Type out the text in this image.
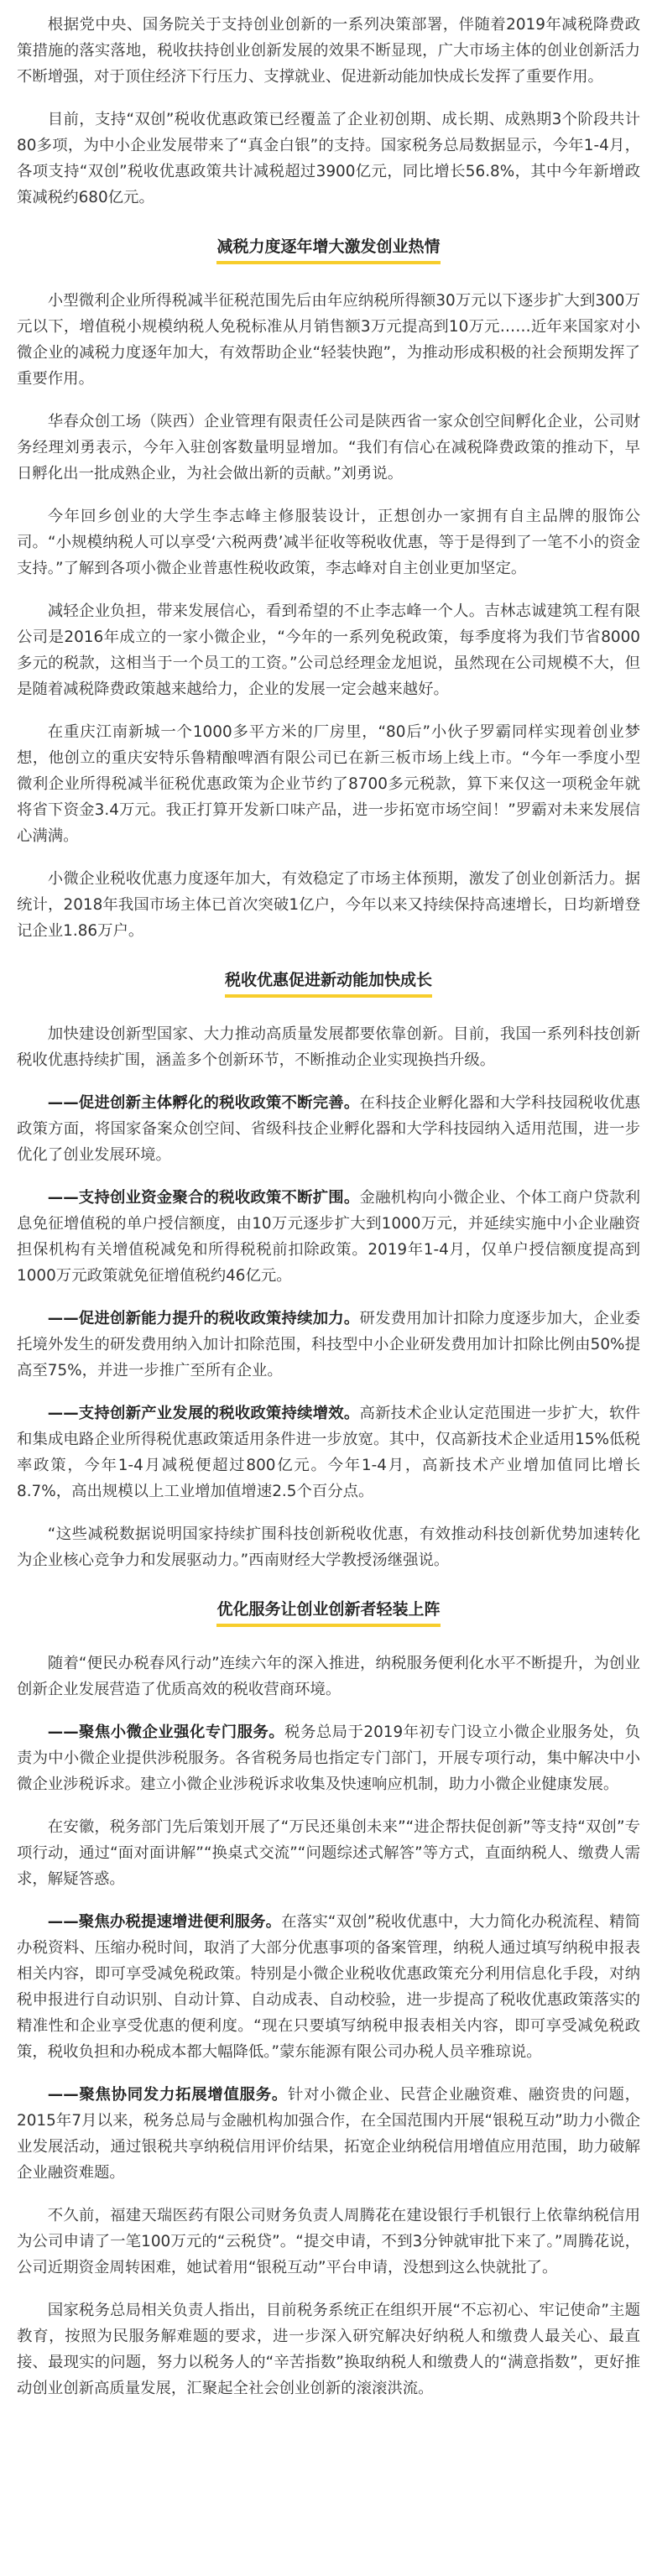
根据党中央、国务院关于支持创业创新的一系列决策部署，伴随着2019年减税降费政策措施的落实落地，税收扶持创业创新发展的效果不断显现，广大市场主体的创业创新活力不断增强，对于顶住经济下行压力、支撑就业、促进新动能加快成长发挥了重要作用。

目前，支持“双创”税收优惠政策已经覆盖了企业初创期、成长期、成熟期3个阶段共计80多项，为中小企业发展带来了“真金白银”的支持。国家税务总局数据显示，今年1-4月，各项支持“双创”税收优惠政策共计减税超过3900亿元，同比增长56.8%，其中今年新增政策减税约680亿元。

减税力度逐年增大激发创业热情

小型微利企业所得税减半征税范围先后由年应纳税所得额30万元以下逐步扩大到300万元以下，增值税小规模纳税人免税标准从月销售额3万元提高到10万元……近年来国家对小微企业的减税力度逐年加大，有效帮助企业“轻装快跑”，为推动形成积极的社会预期发挥了重要作用。

华春众创工场（陕西）企业管理有限责任公司是陕西省一家众创空间孵化企业，公司财务经理刘勇表示，今年入驻创客数量明显增加。“我们有信心在减税降费政策的推动下，早日孵化出一批成熟企业，为社会做出新的贡献。”刘勇说。

今年回乡创业的大学生李志峰主修服装设计，正想创办一家拥有自主品牌的服饰公司。“小规模纳税人可以享受‘六税两费’减半征收等税收优惠，等于是得到了一笔不小的资金支持。”了解到各项小微企业普惠性税收政策，李志峰对自主创业更加坚定。

减轻企业负担，带来发展信心，看到希望的不止李志峰一个人。吉林志诚建筑工程有限公司是2016年成立的一家小微企业，“今年的一系列免税政策，每季度将为我们节省8000多元的税款，这相当于一个员工的工资。”公司总经理金龙旭说，虽然现在公司规模不大，但是随着减税降费政策越来越给力，企业的发展一定会越来越好。

在重庆江南新城一个1000多平方米的厂房里，“80后”小伙子罗霸同样实现着创业梦想，他创立的重庆安特乐鲁精酿啤酒有限公司已在新三板市场上线上市。“今年一季度小型微利企业所得税减半征税优惠政策为企业节约了8700多元税款，算下来仅这一项税金年就将省下资金3.4万元。我正打算开发新口味产品，进一步拓宽市场空间！”罗霸对未来发展信心满满。

小微企业税收优惠力度逐年加大，有效稳定了市场主体预期，激发了创业创新活力。据统计，2018年我国市场主体已首次突破1亿户，今年以来又持续保持高速增长，日均新增登记企业1.86万户。

税收优惠促进新动能加快成长

加快建设创新型国家、大力推动高质量发展都要依靠创新。目前，我国一系列科技创新税收优惠持续扩围，涵盖多个创新环节，不断推动企业实现换挡升级。

——促进创新主体孵化的税收政策不断完善。在科技企业孵化器和大学科技园税收优惠政策方面，将国家备案众创空间、省级科技企业孵化器和大学科技园纳入适用范围，进一步优化了创业发展环境。

——支持创业资金聚合的税收政策不断扩围。金融机构向小微企业、个体工商户贷款利息免征增值税的单户授信额度，由10万元逐步扩大到1000万元，并延续实施中小企业融资担保机构有关增值税减免和所得税税前扣除政策。2019年1-4月，仅单户授信额度提高到1000万元政策就免征增值税约46亿元。

——促进创新能力提升的税收政策持续加力。研发费用加计扣除力度逐步加大，企业委托境外发生的研发费用纳入加计扣除范围，科技型中小企业研发费用加计扣除比例由50%提高至75%，并进一步推广至所有企业。

——支持创新产业发展的税收政策持续增效。高新技术企业认定范围进一步扩大，软件和集成电路企业所得税优惠政策适用条件进一步放宽。其中，仅高新技术企业适用15%低税率政策，今年1-4月减税便超过800亿元。今年1-4月，高新技术产业增加值同比增长8.7%，高出规模以上工业增加值增速2.5个百分点。

“这些减税数据说明国家持续扩围科技创新税收优惠，有效推动科技创新优势加速转化为企业核心竞争力和发展驱动力。”西南财经大学教授汤继强说。

优化服务让创业创新者轻装上阵

随着“便民办税春风行动”连续六年的深入推进，纳税服务便利化水平不断提升，为创业创新企业发展营造了优质高效的税收营商环境。

——聚焦小微企业强化专门服务。税务总局于2019年初专门设立小微企业服务处，负责为中小微企业提供涉税服务。各省税务局也指定专门部门，开展专项行动，集中解决中小微企业涉税诉求。建立小微企业涉税诉求收集及快速响应机制，助力小微企业健康发展。

在安徽，税务部门先后策划开展了“万民还巢创未来”“进企帮扶促创新”等支持“双创”专项行动，通过“面对面讲解”“换桌式交流”“问题综述式解答”等方式，直面纳税人、缴费人需求，解疑答惑。

——聚焦办税提速增进便利服务。在落实“双创”税收优惠中，大力简化办税流程、精简办税资料、压缩办税时间，取消了大部分优惠事项的备案管理，纳税人通过填写纳税申报表相关内容，即可享受减免税政策。特别是小微企业税收优惠政策充分利用信息化手段，对纳税申报进行自动识别、自动计算、自动成表、自动校验，进一步提高了税收优惠政策落实的精准性和企业享受优惠的便利度。“现在只要填写纳税申报表相关内容，即可享受减免税政策，税收负担和办税成本都大幅降低。”蒙东能源有限公司办税人员辛雅琼说。

——聚焦协同发力拓展增值服务。针对小微企业、民营企业融资难、融资贵的问题，2015年7月以来，税务总局与金融机构加强合作，在全国范围内开展“银税互动”助力小微企业发展活动，通过银税共享纳税信用评价结果，拓宽企业纳税信用增值应用范围，助力破解企业融资难题。

不久前，福建天瑞医药有限公司财务负责人周腾花在建设银行手机银行上依靠纳税信用为公司申请了一笔100万元的“云税贷”。“提交申请，不到3分钟就审批下来了。”周腾花说，公司近期资金周转困难，她试着用“银税互动”平台申请，没想到这么快就批了。

国家税务总局相关负责人指出，目前税务系统正在组织开展“不忘初心、牢记使命”主题教育，按照为民服务解难题的要求，进一步深入研究解决好纳税人和缴费人最关心、最直接、最现实的问题，努力以税务人的“辛苦指数”换取纳税人和缴费人的“满意指数”，更好推动创业创新高质量发展，汇聚起全社会创业创新的滚滚洪流。
